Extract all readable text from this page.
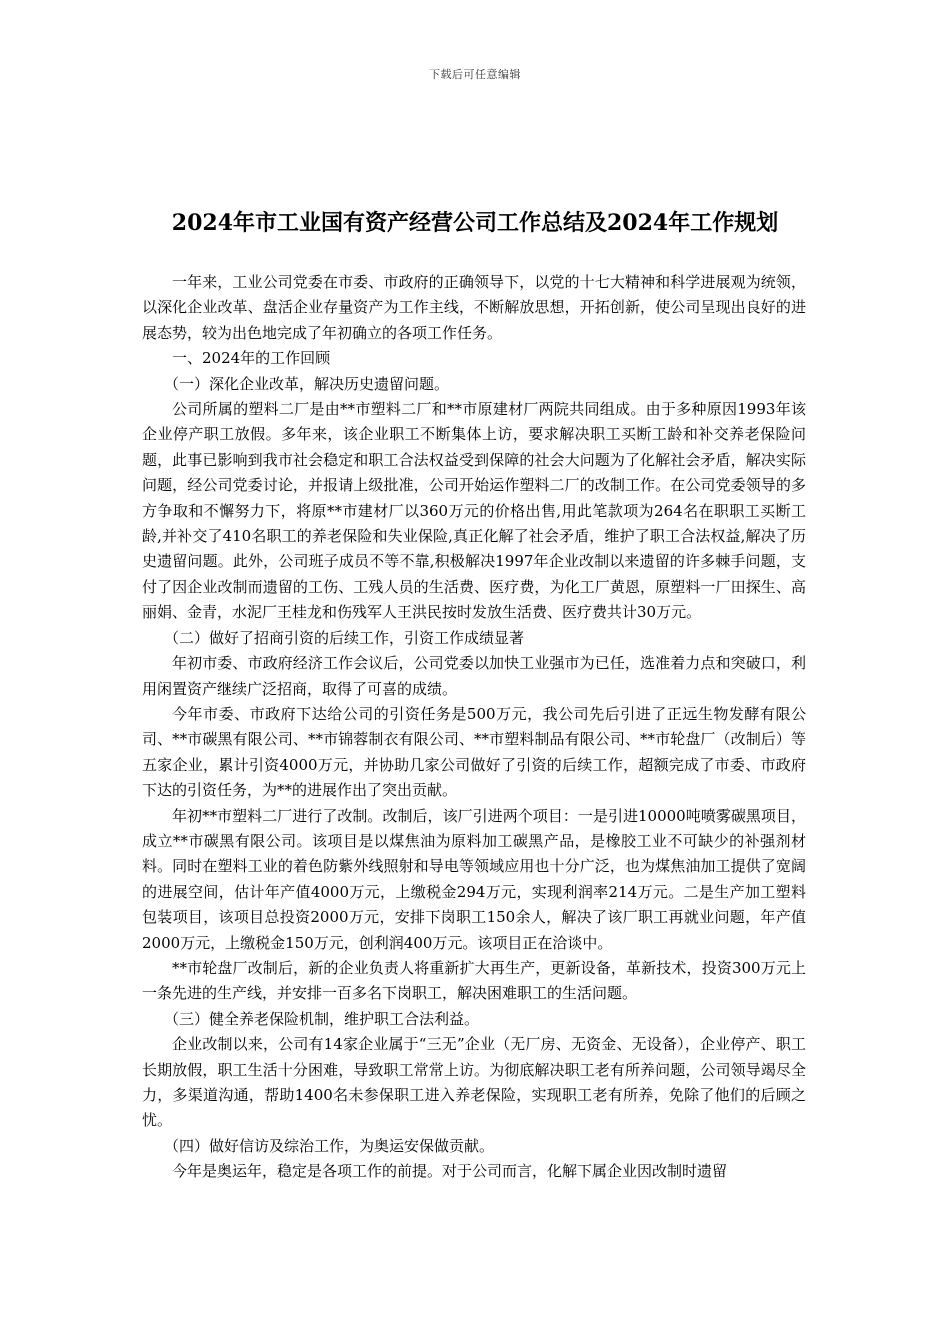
下载后可任意编辑
2024年市工业国有资产经营公司工作总结及2024年工作规划

一年来，工业公司党委在市委、市政府的正确领导下，以党的十七大精神和科学进展观为统领，以深化企业改革、盘活企业存量资产为工作主线，不断解放思想，开拓创新，使公司呈现出良好的进展态势，较为出色地完成了年初确立的各项工作任务。

一、2024年的工作回顾

（一）深化企业改革，解决历史遗留问题。

公司所属的塑料二厂是由**市塑料二厂和**市原建材厂两院共同组成。由于多种原因1993年该企业停产职工放假。多年来，该企业职工不断集体上访，要求解决职工买断工龄和补交养老保险问题，此事已影响到我市社会稳定和职工合法权益受到保障的社会大问题为了化解社会矛盾，解决实际问题，经公司党委讨论，并报请上级批准，公司开始运作塑料二厂的改制工作。在公司党委领导的多方争取和不懈努力下，将原**市建材厂以360万元的价格出售,用此笔款项为264名在职职工买断工龄,并补交了410名职工的养老保险和失业保险,真正化解了社会矛盾，维护了职工合法权益,解决了历史遗留问题。此外，公司班子成员不等不靠,积极解决1997年企业改制以来遗留的许多棘手问题，支付了因企业改制而遗留的工伤、工残人员的生活费、医疗费，为化工厂黄恩，原塑料一厂田探生、高丽娟、金青，水泥厂王桂龙和伤残军人王洪民按时发放生活费、医疗费共计30万元。

（二）做好了招商引资的后续工作，引资工作成绩显著

年初市委、市政府经济工作会议后，公司党委以加快工业强市为已任，选准着力点和突破口，利用闲置资产继续广泛招商，取得了可喜的成绩。

今年市委、市政府下达给公司的引资任务是500万元，我公司先后引进了正远生物发酵有限公司、**市碳黑有限公司、**市锦蓉制衣有限公司、**市塑料制品有限公司、**市轮盘厂（改制后）等五家企业，累计引资4000万元，并协助几家公司做好了引资的后续工作，超额完成了市委、市政府下达的引资任务，为**的进展作出了突出贡献。

年初**市塑料二厂进行了改制。改制后，该厂引进两个项目：一是引进10000吨喷雾碳黑项目，成立**市碳黑有限公司。该项目是以煤焦油为原料加工碳黑产品，是橡胶工业不可缺少的补强剂材料。同时在塑料工业的着色防紫外线照射和导电等领域应用也十分广泛，也为煤焦油加工提供了宽阔的进展空间，估计年产值4000万元，上缴税金294万元，实现利润率214万元。二是生产加工塑料包装项目，该项目总投资2000万元，安排下岗职工150余人，解决了该厂职工再就业问题，年产值2000万元，上缴税金150万元，创利润400万元。该项目正在洽谈中。

**市轮盘厂改制后，新的企业负责人将重新扩大再生产，更新设备，革新技术，投资300万元上一条先进的生产线，并安排一百多名下岗职工，解决困难职工的生活问题。

（三）健全养老保险机制，维护职工合法利益。

企业改制以来，公司有14家企业属于“三无”企业（无厂房、无资金、无设备），企业停产、职工长期放假，职工生活十分困难，导致职工常常上访。为彻底解决职工老有所养问题，公司领导竭尽全力，多渠道沟通，帮助1400名未参保职工进入养老保险，实现职工老有所养，免除了他们的后顾之忧。

（四）做好信访及综治工作，为奥运安保做贡献。

今年是奥运年，稳定是各项工作的前提。对于公司而言，化解下属企业因改制时遗留
